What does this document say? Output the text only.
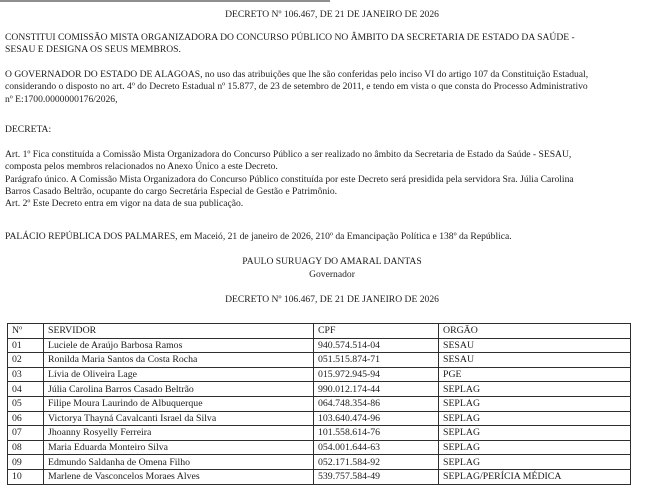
DECRETO Nº 106.467, DE 21 DE JANEIRO DE 2026
CONSTITUI COMISSÃO MISTA ORGANIZADORA DO CONCURSO PÚBLICO NO ÂMBITO DA SECRETARIA DE ESTADO DA SAÚDE -
SESAU E DESIGNA OS SEUS MEMBROS.
O GOVERNADOR DO ESTADO DE ALAGOAS, no uso das atribuições que lhe são conferidas pelo inciso VI do artigo 107 da Constituição Estadual,
considerando o disposto no art. 4º do Decreto Estadual nº 15.877, de 23 de setembro de 2011, e tendo em vista o que consta do Processo Administrativo
nº E:1700.0000000176/2026,
DECRETA:
Art. 1º Fica constituída a Comissão Mista Organizadora do Concurso Público a ser realizado no âmbito da Secretaria de Estado da Saúde - SESAU,
composta pelos membros relacionados no Anexo Único a este Decreto.
Parágrafo único. A Comissão Mista Organizadora do Concurso Público constituída por este Decreto será presidida pela servidora Sra. Júlia Carolina
Barros Casado Beltrão, ocupante do cargo Secretária Especial de Gestão e Patrimônio.
Art. 2º Este Decreto entra em vigor na data de sua publicação.
PALÁCIO REPÚBLICA DOS PALMARES, em Maceió, 21 de janeiro de 2026, 210º da Emancipação Política e 138º da República.
PAULO SURUAGY DO AMARAL DANTAS
Governador
DECRETO Nº 106.467, DE 21 DE JANEIRO DE 2026
Nº	SERVIDOR	CPF	ORGÃO
01	Luciele de Araújo Barbosa Ramos	940.574.514-04	SESAU
02	Ronilda Maria Santos da Costa Rocha	051.515.874-71	SESAU
03	Lívia de Oliveira Lage	015.972.945-94	PGE
04	Júlia Carolina Barros Casado Beltrão	990.012.174-44	SEPLAG
05	Filipe Moura Laurindo de Albuquerque	064.748.354-86	SEPLAG
06	Victorya Thayná Cavalcanti Israel da Silva	103.640.474-96	SEPLAG
07	Jhoanny Rosyelly Ferreira	101.558.614-76	SEPLAG
08	Maria Eduarda Monteiro Silva	054.001.644-63	SEPLAG
09	Edmundo Saldanha de Omena Filho	052.171.584-92	SEPLAG
10	Marlene de Vasconcelos Moraes Alves	539.757.584-49	SEPLAG/PERÍCIA MÉDICA
